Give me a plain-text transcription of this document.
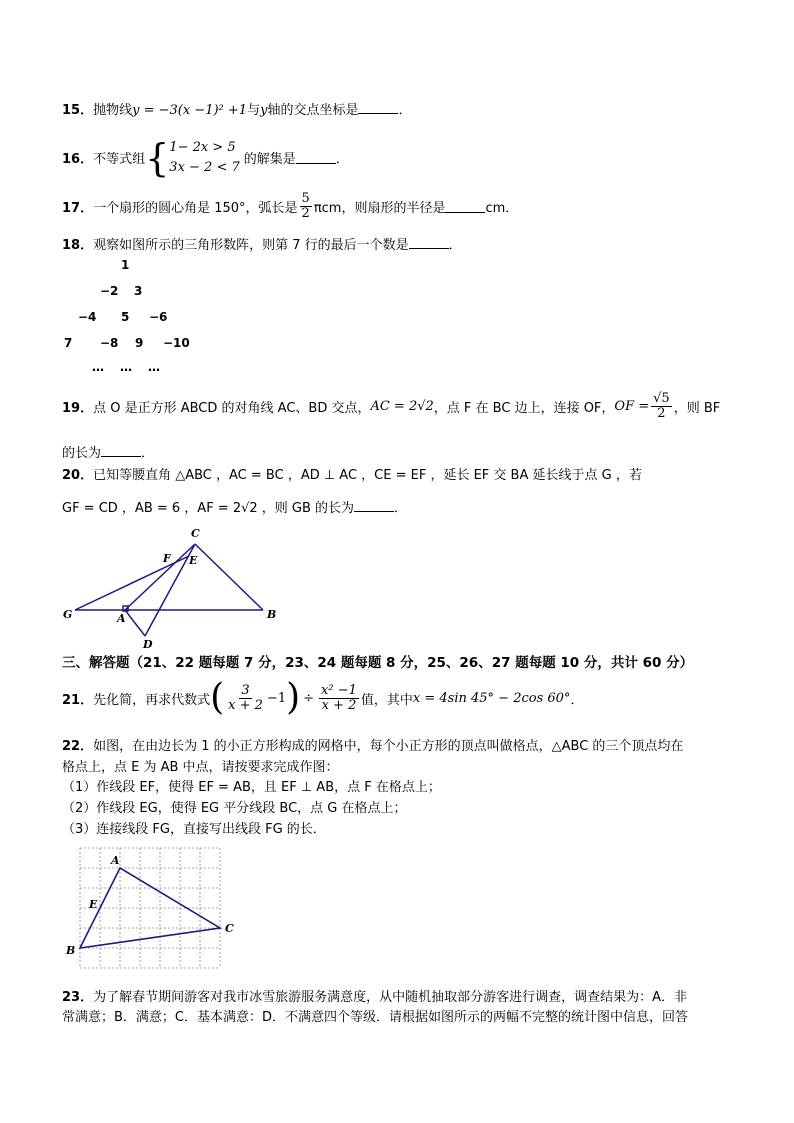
15．抛物线y = −3(x −1)² +1与y轴的交点坐标是	．
16． 不等式组 { 1− 2x > 5
3x − 2 < 7 的解集是	．
17． 一个扇形的圆心角是 150°，弧长是 $\frac{5}{2}$ πcm，则扇形的半径是	cm．
18．观察如图所示的三角形数阵，则第 7 行的最后一个数是	．
1
−2 3
−4 5 −6
7 −8 9 −10
… … …
19． 点 O 是正方形 ABCD 的对角线 AC、BD 交点， AC = 2√2 ，点 F 在 BC 边上，连接 OF， OF = $\frac{√5}{2}$ ，则 BF
的长为	．
20．已知等腰直角 △ABC ，AC = BC ，AD ⊥ AC ，CE = EF ，延长 EF 交 BA 延长线于点 G ，若
GF = CD ，AB = 6 ，AF = 2√2 ，则 GB 的长为	．
C
F E
G	A	B
D
三、解答题（21、22 题每题 7 分，23、24 题每题 8 分，25、26、27 题每题 10 分，共计 60 分）
21． 先化简，再求代数式 ( $\frac{3}{x + 2} -1$ ) ÷ $\frac{\text{x² −1}}{x + 2}$ 值，其中 x = 4sin 45° − 2cos 60° ．
22．如图，在由边长为 1 的小正方形构成的网格中，每个小正方形的顶点叫做格点，△ABC 的三个顶点均在
格点上，点 E 为 AB 中点，请按要求完成作图：
（1）作线段 EF，使得 EF = AB，且 EF ⊥ AB，点 F 在格点上；
（2）作线段 EG，使得 EG 平分线段 BC，点 G 在格点上；
（3）连接线段 FG，直接写出线段 FG 的长．
A
E
B
C
23．为了解春节期间游客对我市冰雪旅游服务满意度，从中随机抽取部分游客进行调查，调查结果为：A．非
常满意；B．满意；C．基本满意：D．不满意四个等级．请根据如图所示的两幅不完整的统计图中信息，回答
